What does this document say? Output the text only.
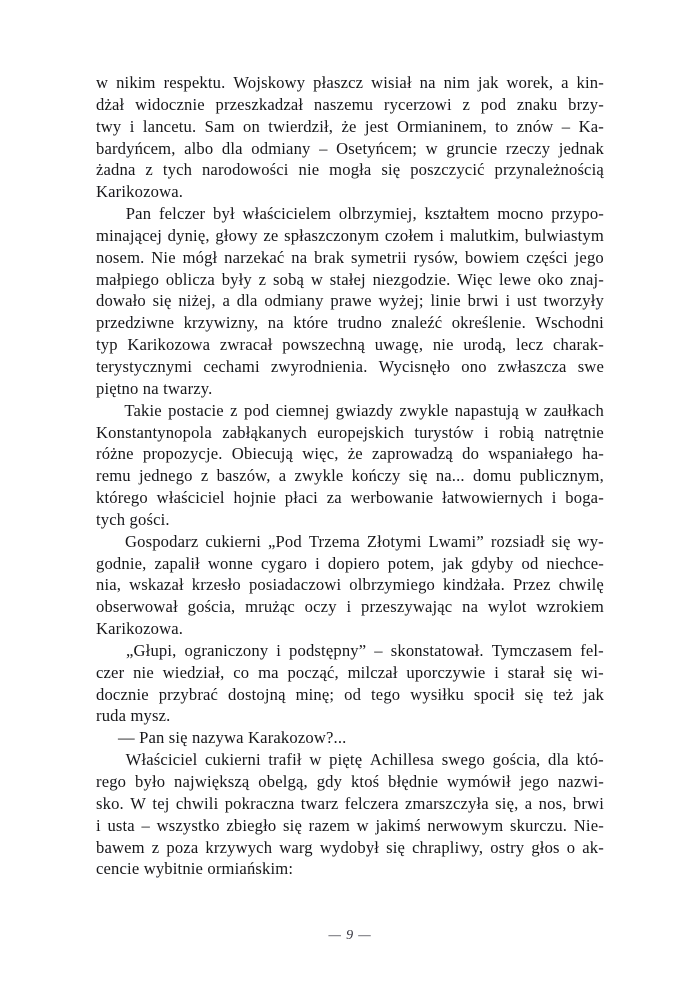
w nikim respektu. Wojskowy płaszcz wisiał na nim jak worek, a kin-
dżał widocznie przeszkadzał naszemu rycerzowi z pod znaku brzy-
twy i lancetu. Sam on twierdził, że jest Ormianinem, to znów – Ka-
bardyńcem, albo dla odmiany – Osetyńcem; w gruncie rzeczy jednak
żadna z tych narodowości nie mogła się poszczycić przynależnością
Karikozowa.
Pan felczer był właścicielem olbrzymiej, kształtem mocno przypo-
minającej dynię, głowy ze spłaszczonym czołem i malutkim, bulwiastym
nosem. Nie mógł narzekać na brak symetrii rysów, bowiem części jego
małpiego oblicza były z sobą w stałej niezgodzie. Więc lewe oko znaj-
dowało się niżej, a dla odmiany prawe wyżej; linie brwi i ust tworzyły
przedziwne krzywizny, na które trudno znaleźć określenie. Wschodni
typ Karikozowa zwracał powszechną uwagę, nie urodą, lecz charak-
terystycznymi cechami zwyrodnienia. Wycisnęło ono zwłaszcza swe
piętno na twarzy.
Takie postacie z pod ciemnej gwiazdy zwykle napastują w zaułkach
Konstantynopola zabłąkanych europejskich turystów i robią natrętnie
różne propozycje. Obiecują więc, że zaprowadzą do wspaniałego ha-
remu jednego z baszów, a zwykle kończy się na... domu publicznym,
którego właściciel hojnie płaci za werbowanie łatwowiernych i boga-
tych gości.
Gospodarz cukierni „Pod Trzema Złotymi Lwami” rozsiadł się wy-
godnie, zapalił wonne cygaro i dopiero potem, jak gdyby od niechce-
nia, wskazał krzesło posiadaczowi olbrzymiego kindżała. Przez chwilę
obserwował gościa, mrużąc oczy i przeszywając na wylot wzrokiem
Karikozowa.
„Głupi, ograniczony i podstępny” – skonstatował. Tymczasem fel-
czer nie wiedział, co ma począć, milczał uporczywie i starał się wi-
docznie przybrać dostojną minę; od tego wysiłku spocił się też jak
ruda mysz.
— Pan się nazywa Karakozow?...
Właściciel cukierni trafił w piętę Achillesa swego gościa, dla któ-
rego było największą obelgą, gdy ktoś błędnie wymówił jego nazwi-
sko. W tej chwili pokraczna twarz felczera zmarszczyła się, a nos, brwi
i usta – wszystko zbiegło się razem w jakimś nerwowym skurczu. Nie-
bawem z poza krzywych warg wydobył się chrapliwy, ostry głos o ak-
cencie wybitnie ormiańskim:
— 9 —
